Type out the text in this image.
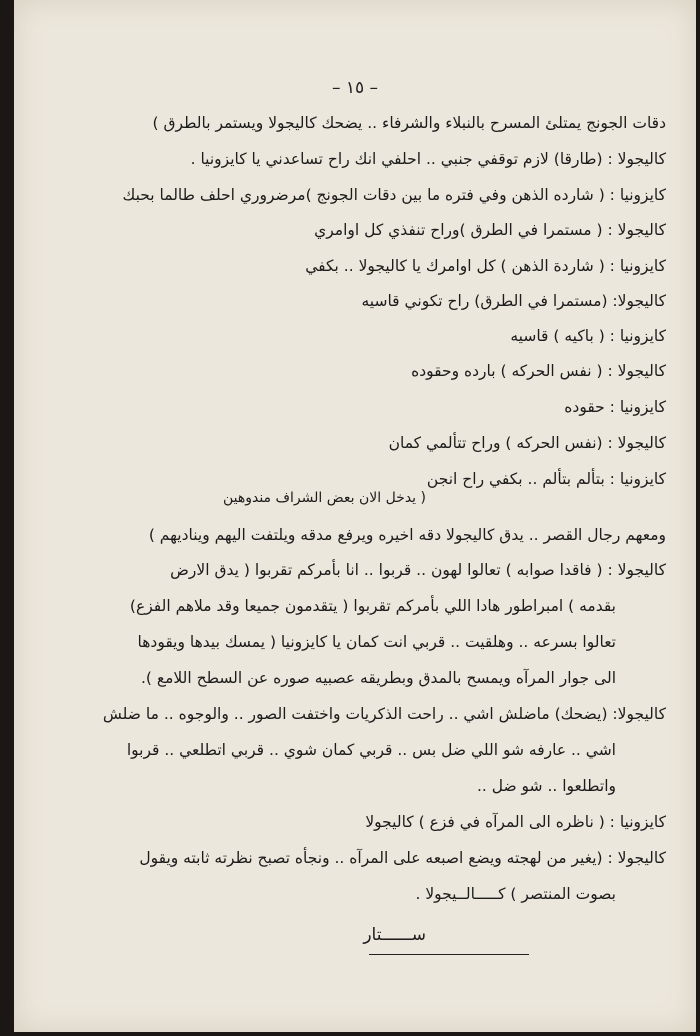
– ١٥ –
دقات الجونج يمتلئ المسرح بالنبلاء والشرفاء .. يضحك كاليجولا ويستمر بالطرق )
كاليجولا : (طارقا) لازم توقفي جنبي .. احلفي انك راح تساعدني يا كايزونيا .
كايزونيا : ( شارده الذهن وفي فتره ما بين دقات الجونج )مرضروري احلف طالما بحبك
كاليجولا : ( مستمرا في الطرق )وراح تنفذي كل اوامري
كايزونيا : ( شاردة الذهن ) كل اوامرك يا كاليجولا .. بكفي
كاليجولا: (مستمرا في الطرق) راح تكوني قاسيه
كايزونيا : ( باكيه ) قاسيه
كاليجولا : ( نفس الحركه ) بارده وحقوده
كايزونيا : حقوده
كاليجولا : (نفس الحركه ) وراح تتألمي كمان
كايزونيا : بتألم بتألم .. بكفي راح انجن
( يدخل الان بعض الشراف مندوهين
ومعهم رجال القصر .. يدق كاليجولا دقه اخيره ويرفع مدقه ويلتفت اليهم ويناديهم )
كاليجولا : ( فاقدا صوابه ) تعالوا لهون .. قربوا .. انا بأمركم تقربوا ( يدق الارض
بقدمه ) امبراطور هادا اللي بأمركم تقربوا ( يتقدمون جميعا وقد ملاهم الفزع)
تعالوا بسرعه .. وهلقيت .. قربي انت كمان يا كايزونيا ( يمسك بيدها ويقودها
الى جوار المرآه ويمسح بالمدق وبطريقه عصبيه صوره عن السطح اللامع ).
كاليجولا: (يضحك) ماضلش اشي .. راحت الذكريات واختفت الصور .. والوجوه .. ما ضلش
اشي .. عارفه شو اللي ضل بس .. قربي كمان شوي .. قربي اتطلعي .. قربوا
واتطلعوا .. شو ضل ..
كايزونيا : ( ناظره الى المرآه في فزع ) كاليجولا
كاليجولا : (يغير من لهجته ويضع اصبعه على المرآه .. ونجأه تصبح نظرته ثابته ويقول
بصوت المنتصر ) كـــــالــيجولا .
ســــــتار
